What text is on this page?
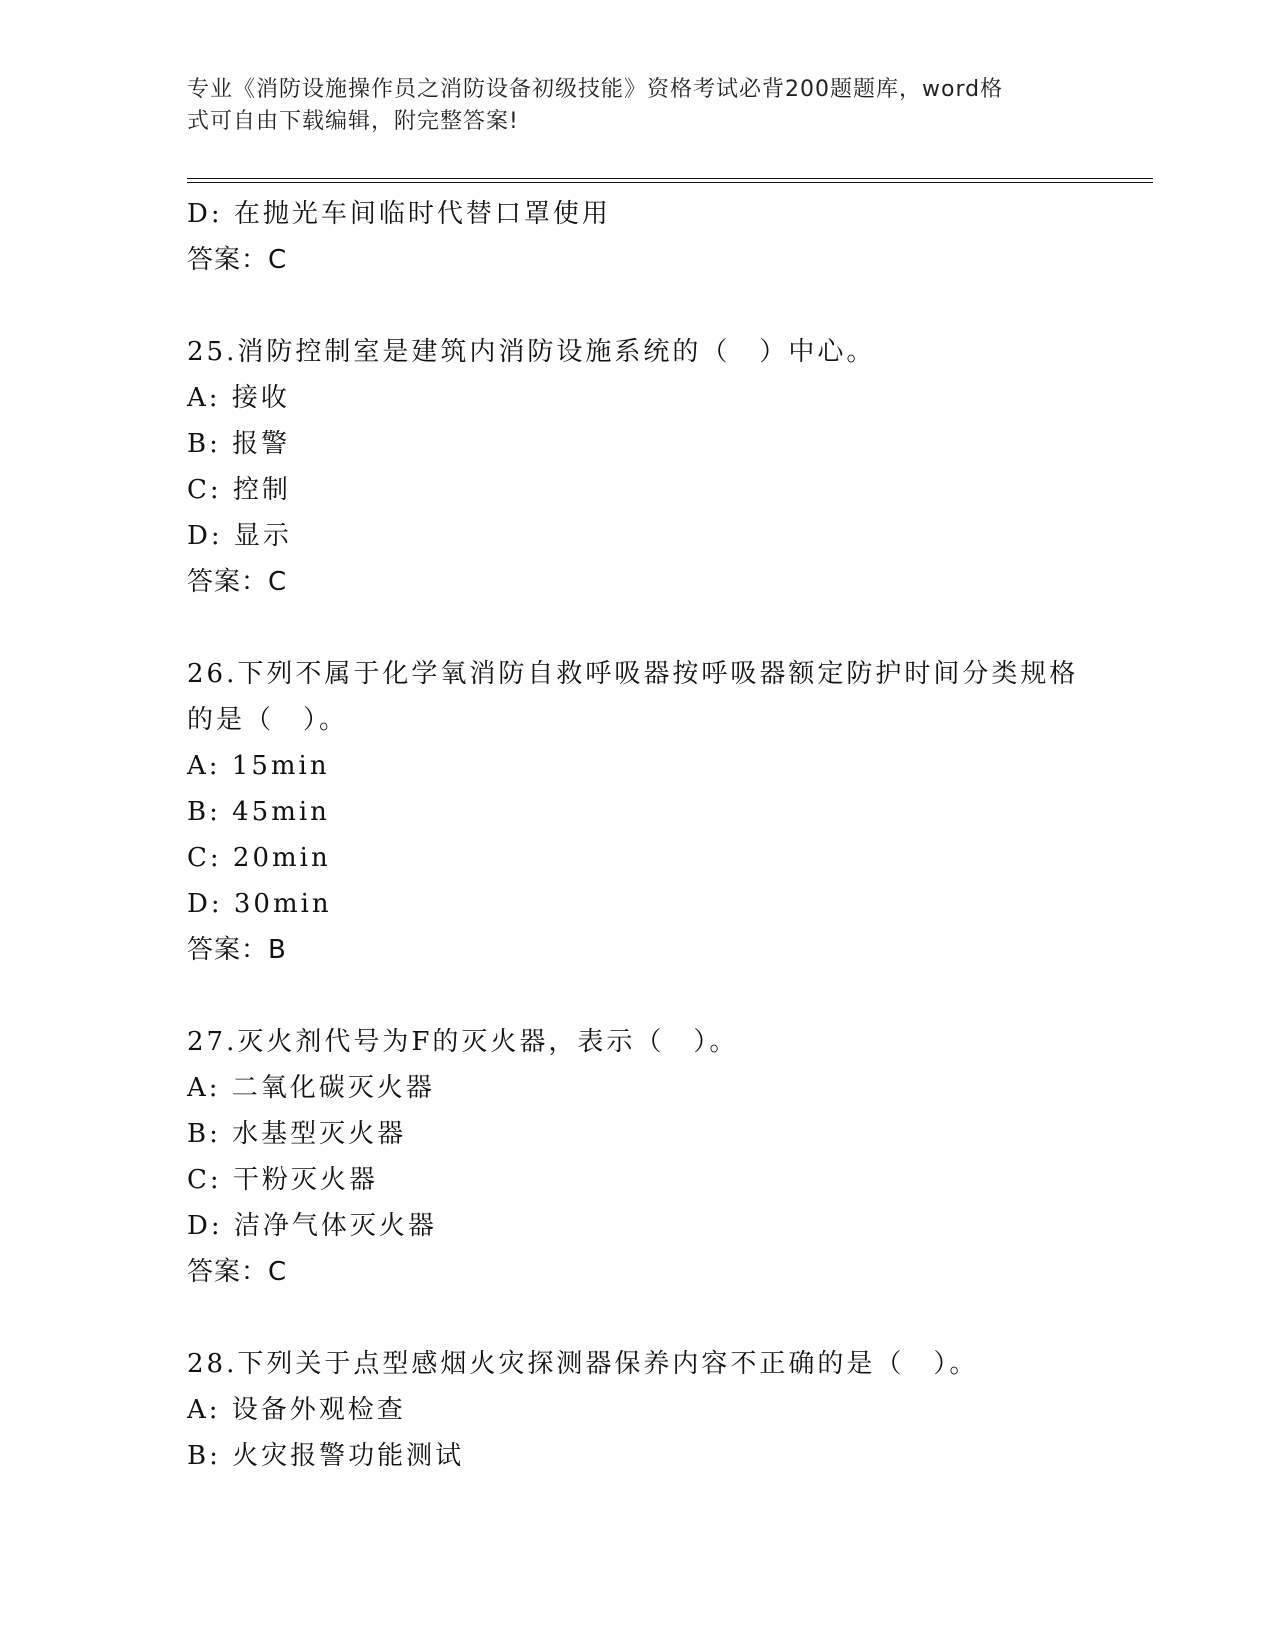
专业《消防设施操作员之消防设备初级技能》资格考试必背200题题库，word格
式可自由下载编辑，附完整答案!
D: 在抛光车间临时代替口罩使用
答案：C
25.消防控制室是建筑内消防设施系统的（　）中心。
A: 接收
B: 报警
C: 控制
D: 显示
答案：C
26.下列不属于化学氧消防自救呼吸器按呼吸器额定防护时间分类规格
的是（　）。
A: 15min
B: 45min
C: 20min
D: 30min
答案：B
27.灭火剂代号为F的灭火器，表示（　）。
A: 二氧化碳灭火器
B: 水基型灭火器
C: 干粉灭火器
D: 洁净气体灭火器
答案：C
28.下列关于点型感烟火灾探测器保养内容不正确的是（　）。
A: 设备外观检查
B: 火灾报警功能测试
